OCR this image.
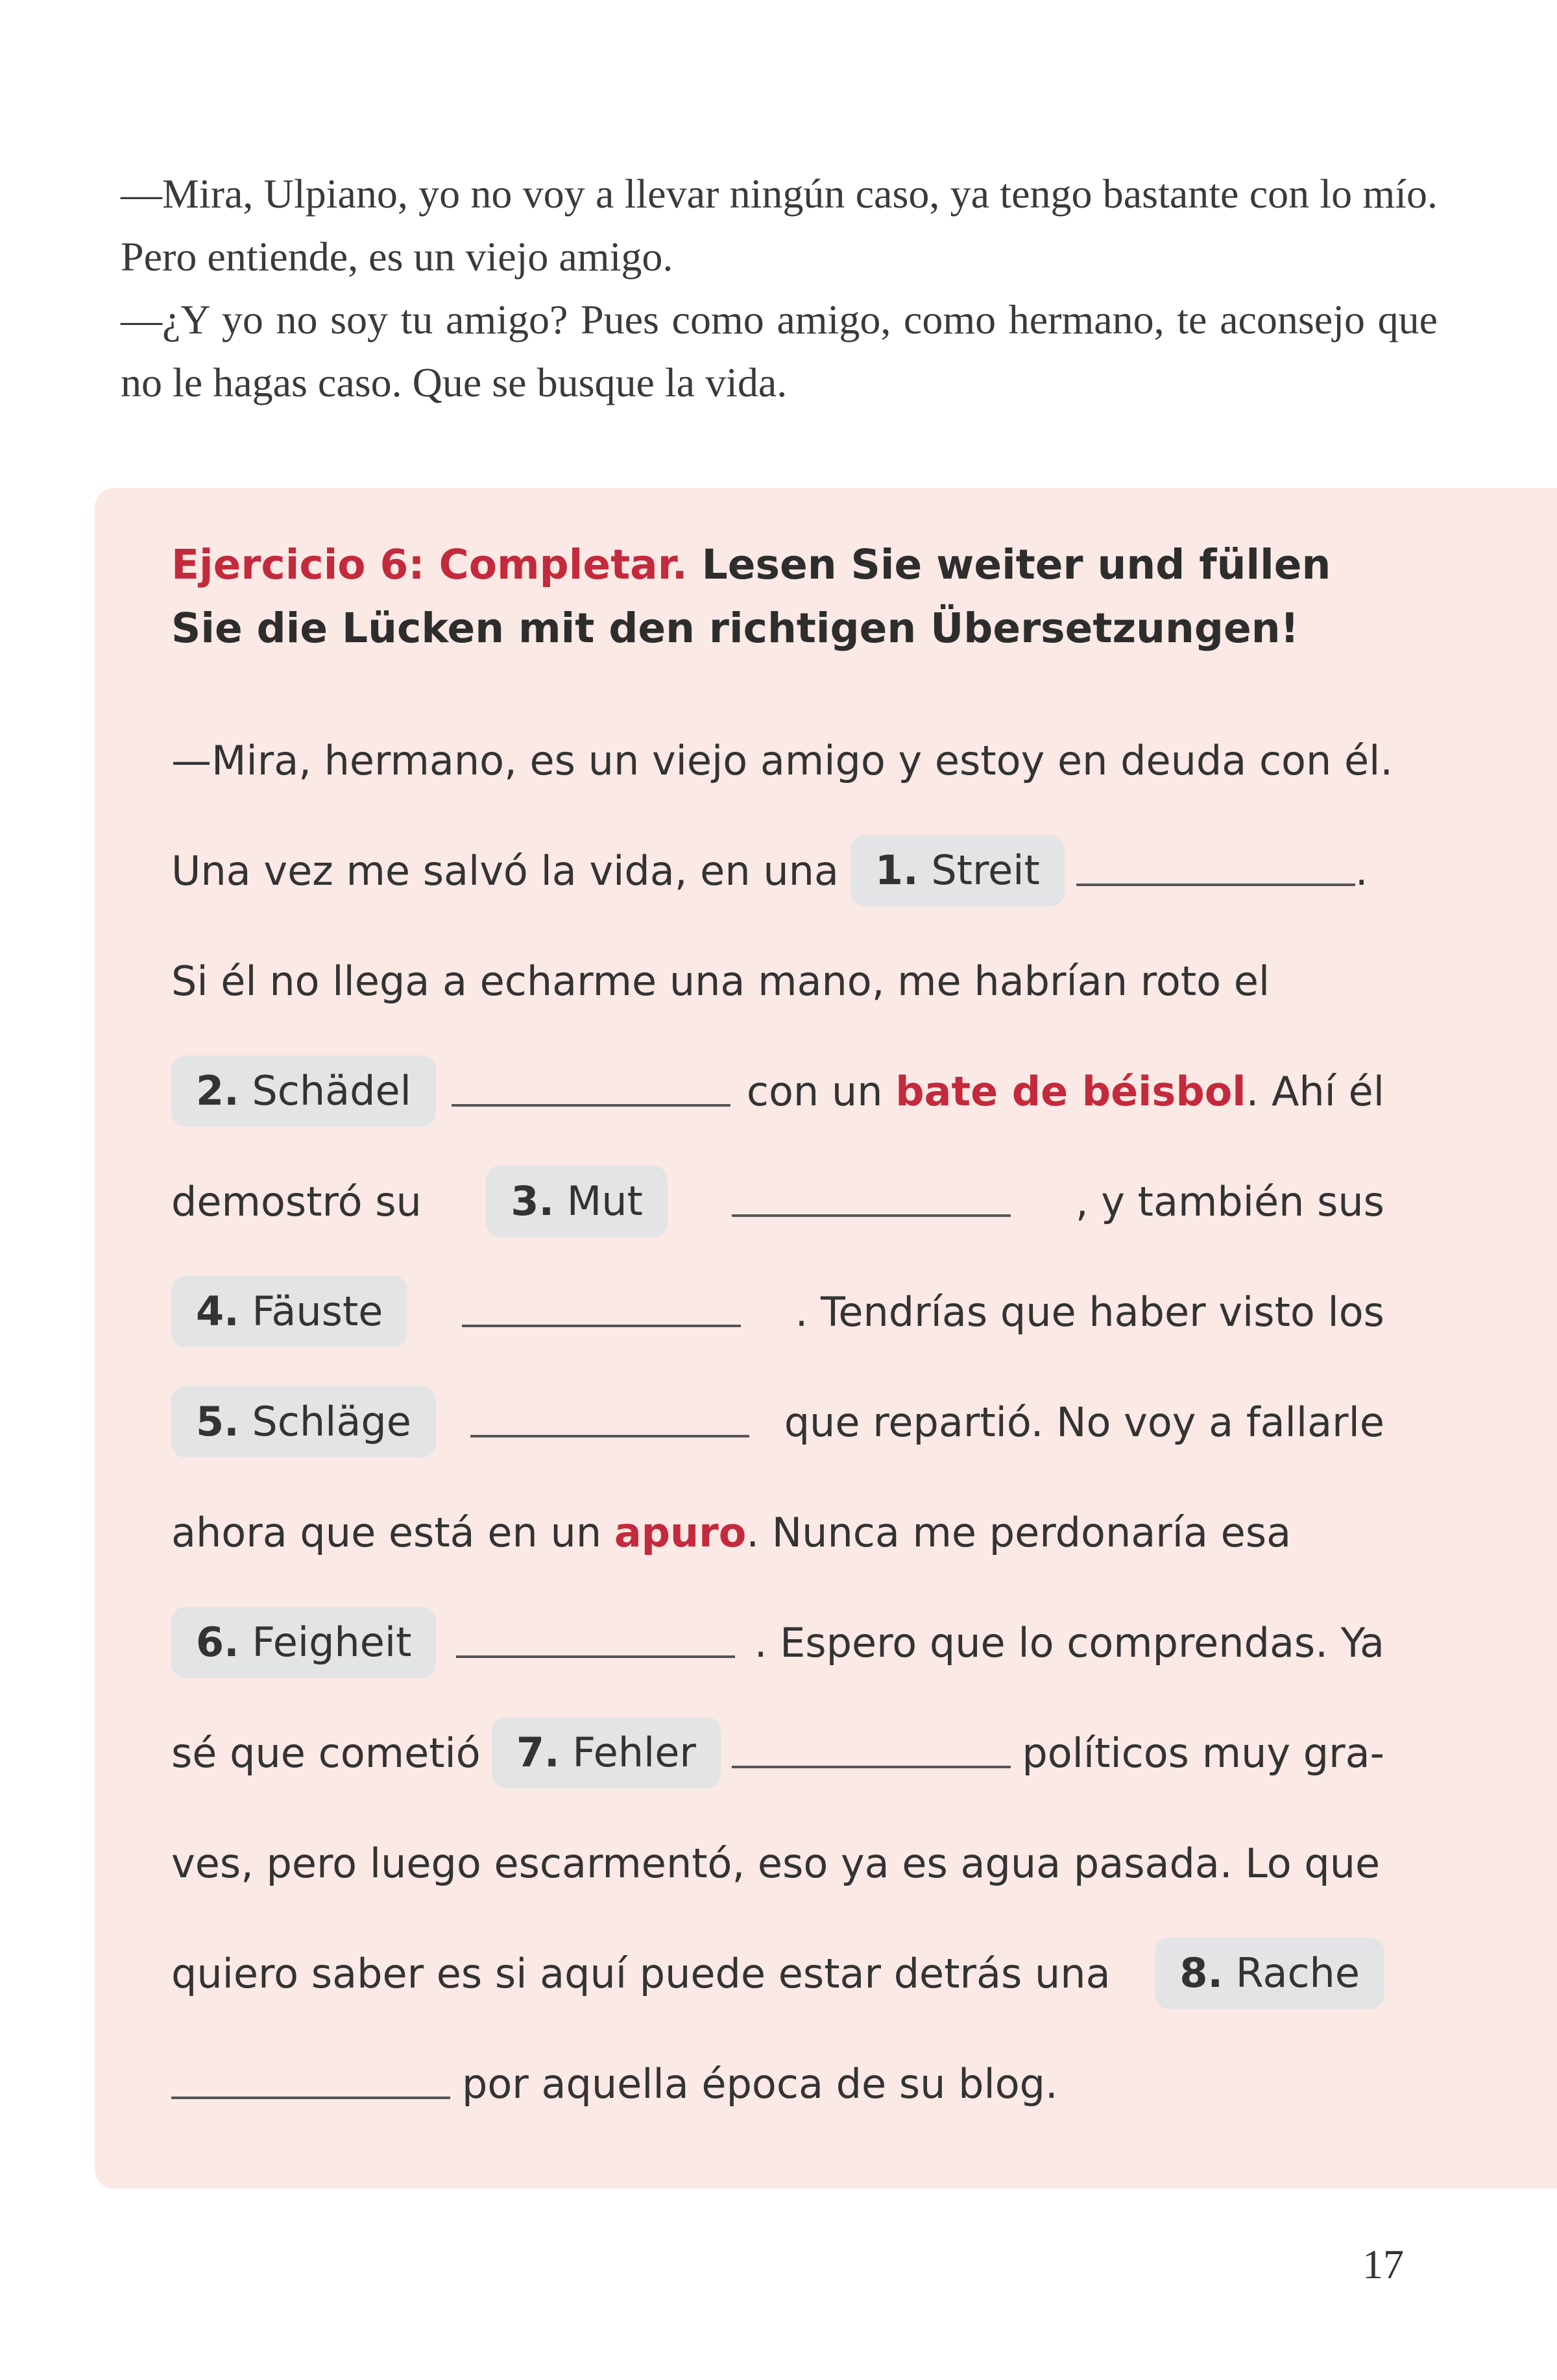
—Mira, Ulpiano, yo no voy a llevar ningún caso, ya tengo bastante con lo mío. Pero entiende, es un viejo amigo.

—¿Y yo no soy tu amigo? Pues como amigo, como hermano, te aconsejo que no le hagas caso. Que se busque la vida.

Ejercicio 6: Completar. Lesen Sie weiter und füllen Sie die Lücken mit den richtigen Übersetzungen!
—Mira, hermano, es un viejo amigo y estoy en deuda con él.
Una vez me salvó la vida, en una 1. Streit	.
Si él no llega a echarme una mano, me habrían roto el
2. Schädel	con un bate de béisbol. Ahí él
demostró su	3. Mut	, y también sus
4. Fäuste	. Tendrías que haber visto los
5. Schläge	que repartió. No voy a fallarle
ahora que está en un apuro. Nunca me perdonaría esa
6. Feigheit	. Espero que lo comprendas. Ya
sé que cometió 7. Fehler	políticos muy gra-
ves, pero luego escarmentó, eso ya es agua pasada. Lo que
quiero saber es si aquí puede estar detrás una	8. Rache
por aquella época de su blog.
17
